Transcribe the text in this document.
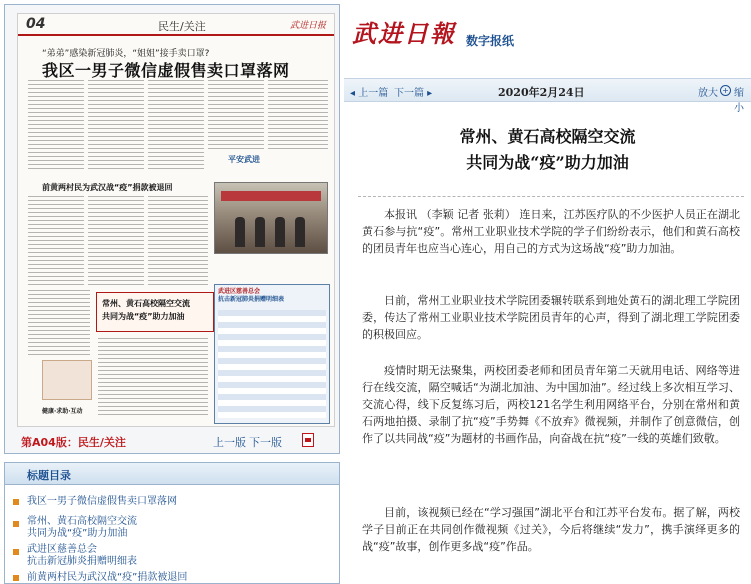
04	民生/关注	武进日报
“弟弟”感染新冠肺炎，“姐姐”接手卖口罩?
我区一男子微信虚假售卖口罩落网
平安武进
前黄两村民为武汉战“疫”捐款被退回
常州、黄石高校隔空交流
共同为战“疫”助力加油
武进区慈善总会
抗击新冠肺炎捐赠明细表
健康·求助·互动
第A04版：民生/关注	上一版 下一版
标题目录
我区一男子微信虚假售卖口罩落网
常州、黄石高校隔空交流
共同为战“疫”助力加油
武进区慈善总会
抗击新冠肺炎捐赠明细表
前黄两村民为武汉战“疫”捐款被退回
武进日報 数字报纸
◂ 上一篇 下一篇 ▸	2020年2月24日	放大 + 缩小
常州、黄石高校隔空交流
共同为战“疫”助力加油
本报讯 （李颖 记者 张莉） 连日来，江苏医疗队的不少医护人员正在湖北黄石参与抗“疫”。常州工业职业技术学院的学子们纷纷表示，他们和黄石高校的团员青年也应当心连心，用自己的方式为这场战“疫”助力加油。
日前，常州工业职业技术学院团委辗转联系到地处黄石的湖北理工学院团委，传达了常州工业职业技术学院团员青年的心声，得到了湖北理工学院团委的积极回应。
疫情时期无法聚集，两校团委老师和团员青年第二天就用电话、网络等进行在线交流，隔空喊话“为湖北加油、为中国加油”。经过线上多次相互学习、交流心得，线下反复练习后，两校121名学生利用网络平台，分别在常州和黄石两地拍摄、录制了抗“疫”手势舞《不放弃》微视频，并制作了创意微信，创作了以共同战“疫”为题材的书画作品，向奋战在抗“疫”一线的英雄们致敬。
目前，该视频已经在“学习强国”湖北平台和江苏平台发布。据了解，两校学子目前正在共同创作微视频《过关》，今后将继续“发力”，携手演绎更多的战“疫”故事，创作更多战“疫”作品。
